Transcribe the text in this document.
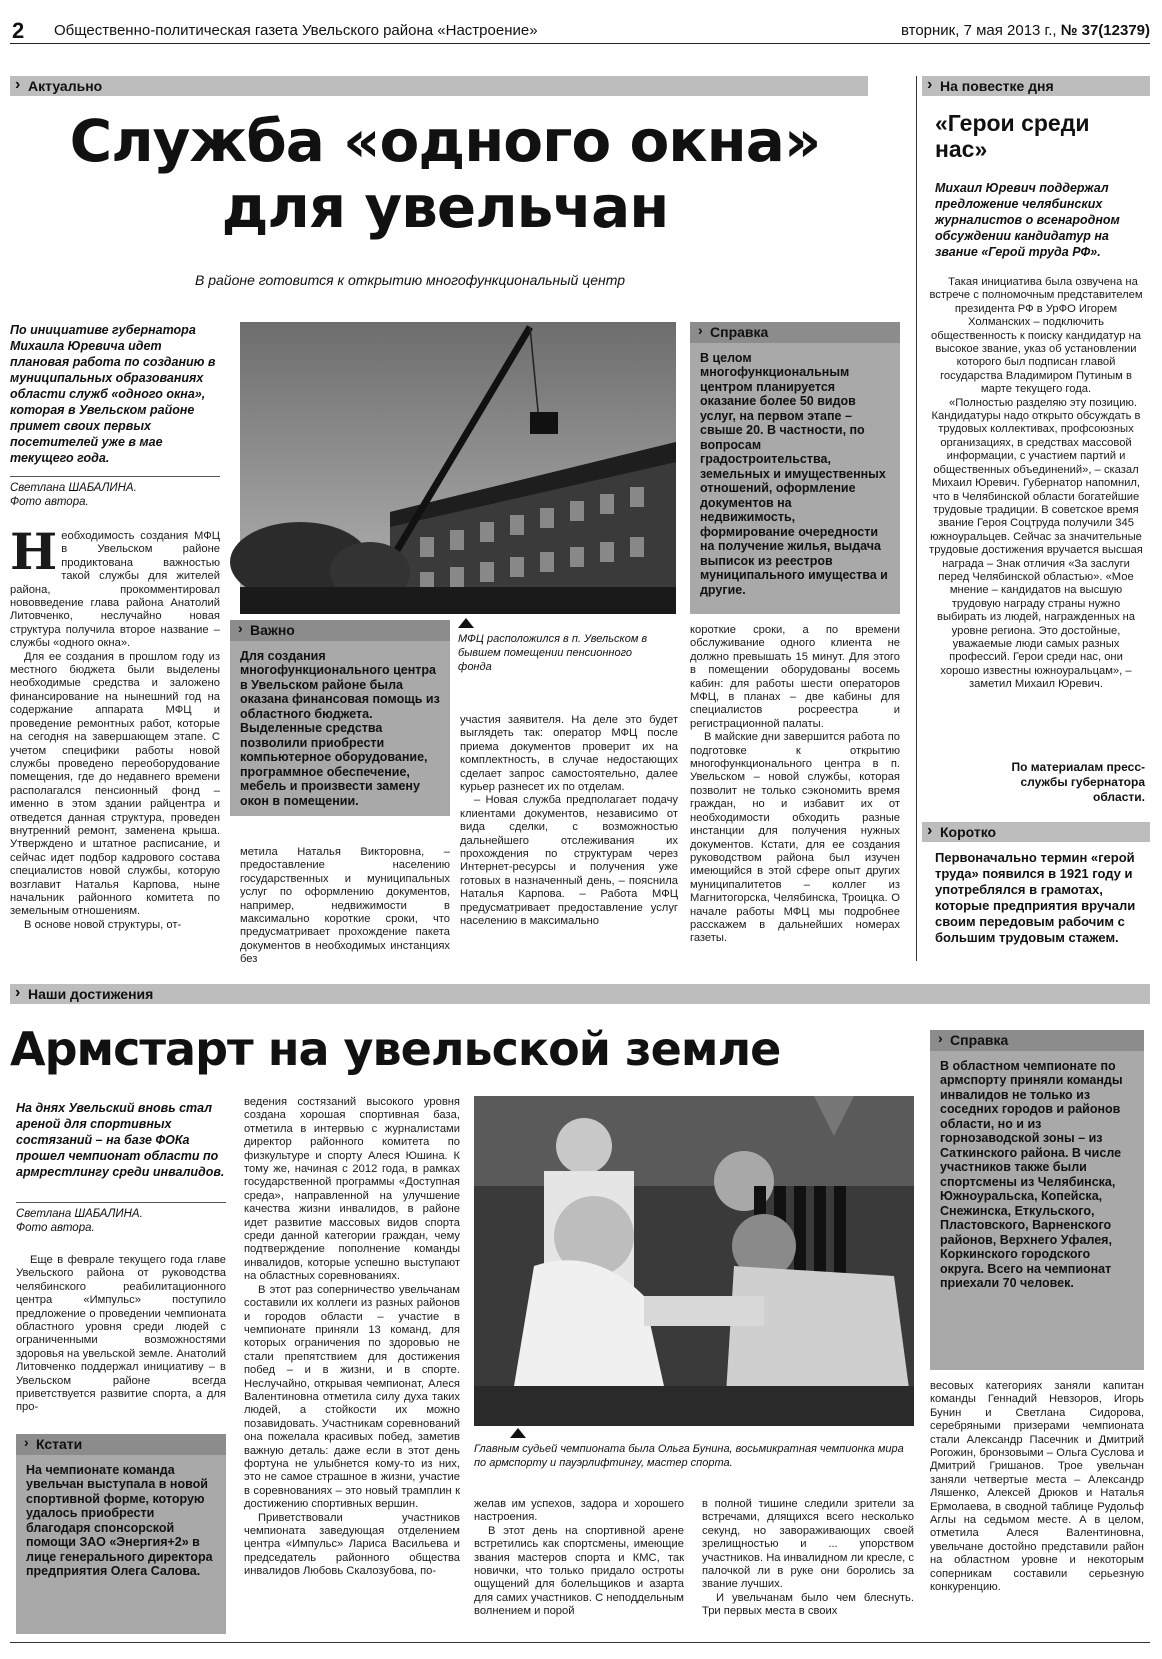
2 Общественно-политическая газета Увельского района «Настроение»	вторник, 7 мая 2013 г., № 37(12379)
› Актуально
Служба «одного окна»
для увельчан
В районе готовится к открытию многофункциональный центр
По инициативе губернатора Михаила Юревича идет плановая работа по созданию в муниципальных образованиях области служб «одного окна», которая в Увельском районе примет своих первых посетителей уже в мае текущего года.
Светлана ШАБАЛИНА.
Фото автора.
Н еобходимость создания МФЦ в Увельском районе продиктована важностью такой службы для жителей района, прокомментировал нововведение глава района Анатолий Литовченко, неслучайно новая структура получила второе название – службы «одного окна».

Для ее создания в прошлом году из местного бюджета были выделены необходимые средства и заложено финансирование на нынешний год на содержание аппарата МФЦ и проведение ремонтных работ, которые на сегодня на завершающем этапе. С учетом специфики работы новой службы проведено переоборудование помещения, где до недавнего времени располагался пенсионный фонд – именно в этом здании райцентра и отведется данная структура, проведен внутренний ремонт, заменена крыша. Утверждено и штатное расписание, и сейчас идет подбор кадрового состава специалистов новой службы, которую возглавит Наталья Карпова, ныне начальник районного комитета по земельным отношениям.

В основе новой структуры, от-

МФЦ расположился в п. Увельском в бывшем помещении пенсионного фонда
› Важно
Для создания многофункционального центра в Увельском районе была оказана финансовая помощь из областного бюджета. Выделенные средства позволили приобрести компьютерное оборудование, программное обеспечение, мебель и произвести замену окон в помещении.
метила Наталья Викторовна, – предоставление населению государственных и муниципальных услуг по оформлению документов, например, недвижимости в максимально короткие сроки, что предусматривает прохождение пакета документов в необходимых инстанциях без
участия заявителя. На деле это будет выглядеть так: оператор МФЦ после приема документов проверит их на комплектность, в случае недостающих сделает запрос самостоятельно, далее курьер разнесет их по отделам.

– Новая служба предполагает подачу клиентами документов, независимо от вида сделки, с возможностью дальнейшего отслеживания их прохождения по структурам через Интернет-ресурсы и получения уже готовых в назначенный день, – пояснила Наталья Карпова. – Работа МФЦ предусматривает предоставление услуг населению в максимально

› Справка
В целом многофункциональным центром планируется оказание более 50 видов услуг, на первом этапе – свыше 20. В частности, по вопросам градостроительства, земельных и имущественных отношений, оформление документов на недвижимость, формирование очередности на получение жилья, выдача выписок из реестров муниципального имущества и другие.
короткие сроки, а по времени обслуживание одного клиента не должно превышать 15 минут. Для этого в помещении оборудованы восемь кабин: для работы шести операторов МФЦ, в планах – две кабины для специалистов росреестра и регистрационной палаты.

В майские дни завершится работа по подготовке к открытию многофункционального центра в п. Увельском – новой службы, которая позволит не только сэкономить время граждан, но и избавит их от необходимости обходить разные инстанции для получения нужных документов. Кстати, для ее создания руководством района был изучен имеющийся в этой сфере опыт других муниципалитетов – коллег из Магнитогорска, Челябинска, Троицка. О начале работы МФЦ мы подробнее расскажем в дальнейших номерах газеты.

› На повестке дня
«Герои среди нас»
Михаил Юревич поддержал предложение челябинских журналистов о всенародном обсуждении кандидатур на звание «Герой труда РФ».

Такая инициатива была озвучена на встрече с полномочным представителем президента РФ в УрФО Игорем Холманских – подключить общественность к поиску кандидатур на высокое звание, указ об установлении которого был подписан главой государства Владимиром Путиным в марте текущего года.

«Полностью разделяю эту позицию. Кандидатуры надо открыто обсуждать в трудовых коллективах, профсоюзных организациях, в средствах массовой информации, с участием партий и общественных объединений», – сказал Михаил Юревич. Губернатор напомнил, что в Челябинской области богатейшие трудовые традиции. В советское время звание Героя Соцтруда получили 345 южноуральцев. Сейчас за значительные трудовые достижения вручается высшая награда – Знак отличия «За заслуги перед Челябинской областью». «Мое мнение – кандидатов на высшую трудовую награду страны нужно выбирать из людей, награжденных на уровне региона. Это достойные, уважаемые люди самых разных профессий. Герои среди нас, они хорошо известны южноуральцам», – заметил Михаил Юревич.

По материалам пресс-службы губернатора области.
› Коротко
Первоначально термин «герой труда» появился в 1921 году и употреблялся в грамотах, которые предприятия вручали своим передовым рабочим с большим трудовым стажем.
› Наши достижения
Армстарт на увельской земле
На днях Увельский вновь стал ареной для спортивных состязаний – на базе ФОКа прошел чемпионат области по армрестлингу среди инвалидов.
Светлана ШАБАЛИНА.
Фото автора.

Еще в феврале текущего года главе Увельского района от руководства челябинского реабилитационного центра «Импульс» поступило предложение о проведении чемпионата областного уровня среди людей с ограниченными возможностями здоровья на увельской земле. Анатолий Литовченко поддержал инициативу – в Увельском районе всегда приветствуется развитие спорта, а для про-

› Кстати
На чемпионате команда увельчан выступала в новой спортивной форме, которую удалось приобрести благодаря спонсорской помощи ЗАО «Энергия+2» в лице генерального директора предприятия Олега Салова.
ведения состязаний высокого уровня создана хорошая спортивная база, отметила в интервью с журналистами директор районного комитета по физкультуре и спорту Алеся Юшина. К тому же, начиная с 2012 года, в рамках государственной программы «Доступная среда», направленной на улучшение качества жизни инвалидов, в районе идет развитие массовых видов спорта среди данной категории граждан, чему подтверждение пополнение команды инвалидов, которые успешно выступают на областных соревнованиях.

В этот раз соперничество увельчанам составили их коллеги из разных районов и городов области – участие в чемпионате приняли 13 команд, для которых ограничения по здоровью не стали препятствием для достижения побед – и в жизни, и в спорте. Неслучайно, открывая чемпионат, Алеся Валентиновна отметила силу духа таких людей, а стойкости их можно позавидовать. Участникам соревнований она пожелала красивых побед, заметив важную деталь: даже если в этот день фортуна не улыбнется кому-то из них, это не самое страшное в жизни, участие в соревнованиях – это новый трамплин к достижению спортивных вершин.

Приветствовали участников чемпионата заведующая отделением центра «Импульс» Лариса Васильева и председатель районного общества инвалидов Любовь Скалозубова, по-

Главным судьей чемпионата была Ольга Бунина, восьмикратная чемпионка мира по армспорту и пауэрлифтингу, мастер спорта.
желав им успехов, задора и хорошего настроения.

В этот день на спортивной арене встретились как спортсмены, имеющие звания мастеров спорта и КМС, так новички, что только придало остроты ощущений для болельщиков и азарта для самих участников. С неподдельным волнением и порой

в полной тишине следили зрители за встречами, длящихся всего несколько секунд, но завораживающих своей зрелищностью и ... упорством участников. На инвалидном ли кресле, с палочкой ли в руке они боролись за звание лучших.

И увельчанам было чем блеснуть. Три первых места в своих

› Справка
В областном чемпионате по армспорту приняли команды инвалидов не только из соседних городов и районов области, но и из горнозаводской зоны – из Саткинского района. В числе участников также были спортсмены из Челябинска, Южноуральска, Копейска, Снежинска, Еткульского, Пластовского, Варненского районов, Верхнего Уфалея, Коркинского городского округа. Всего на чемпионат приехали 70 человек.
весовых категориях заняли капитан команды Геннадий Невзоров, Игорь Бунин и Светлана Сидорова, серебряными призерами чемпионата стали Александр Пасечник и Дмитрий Рогожин, бронзовыми – Ольга Суслова и Дмитрий Гришанов. Трое увельчан заняли четвертые места – Александр Ляшенко, Алексей Дрюков и Наталья Ермолаева, в сводной таблице Рудольф Аглы на седьмом месте. А в целом, отметила Алеся Валентиновна, увельчане достойно представили район на областном уровне и некоторым соперникам составили серьезную конкуренцию.
